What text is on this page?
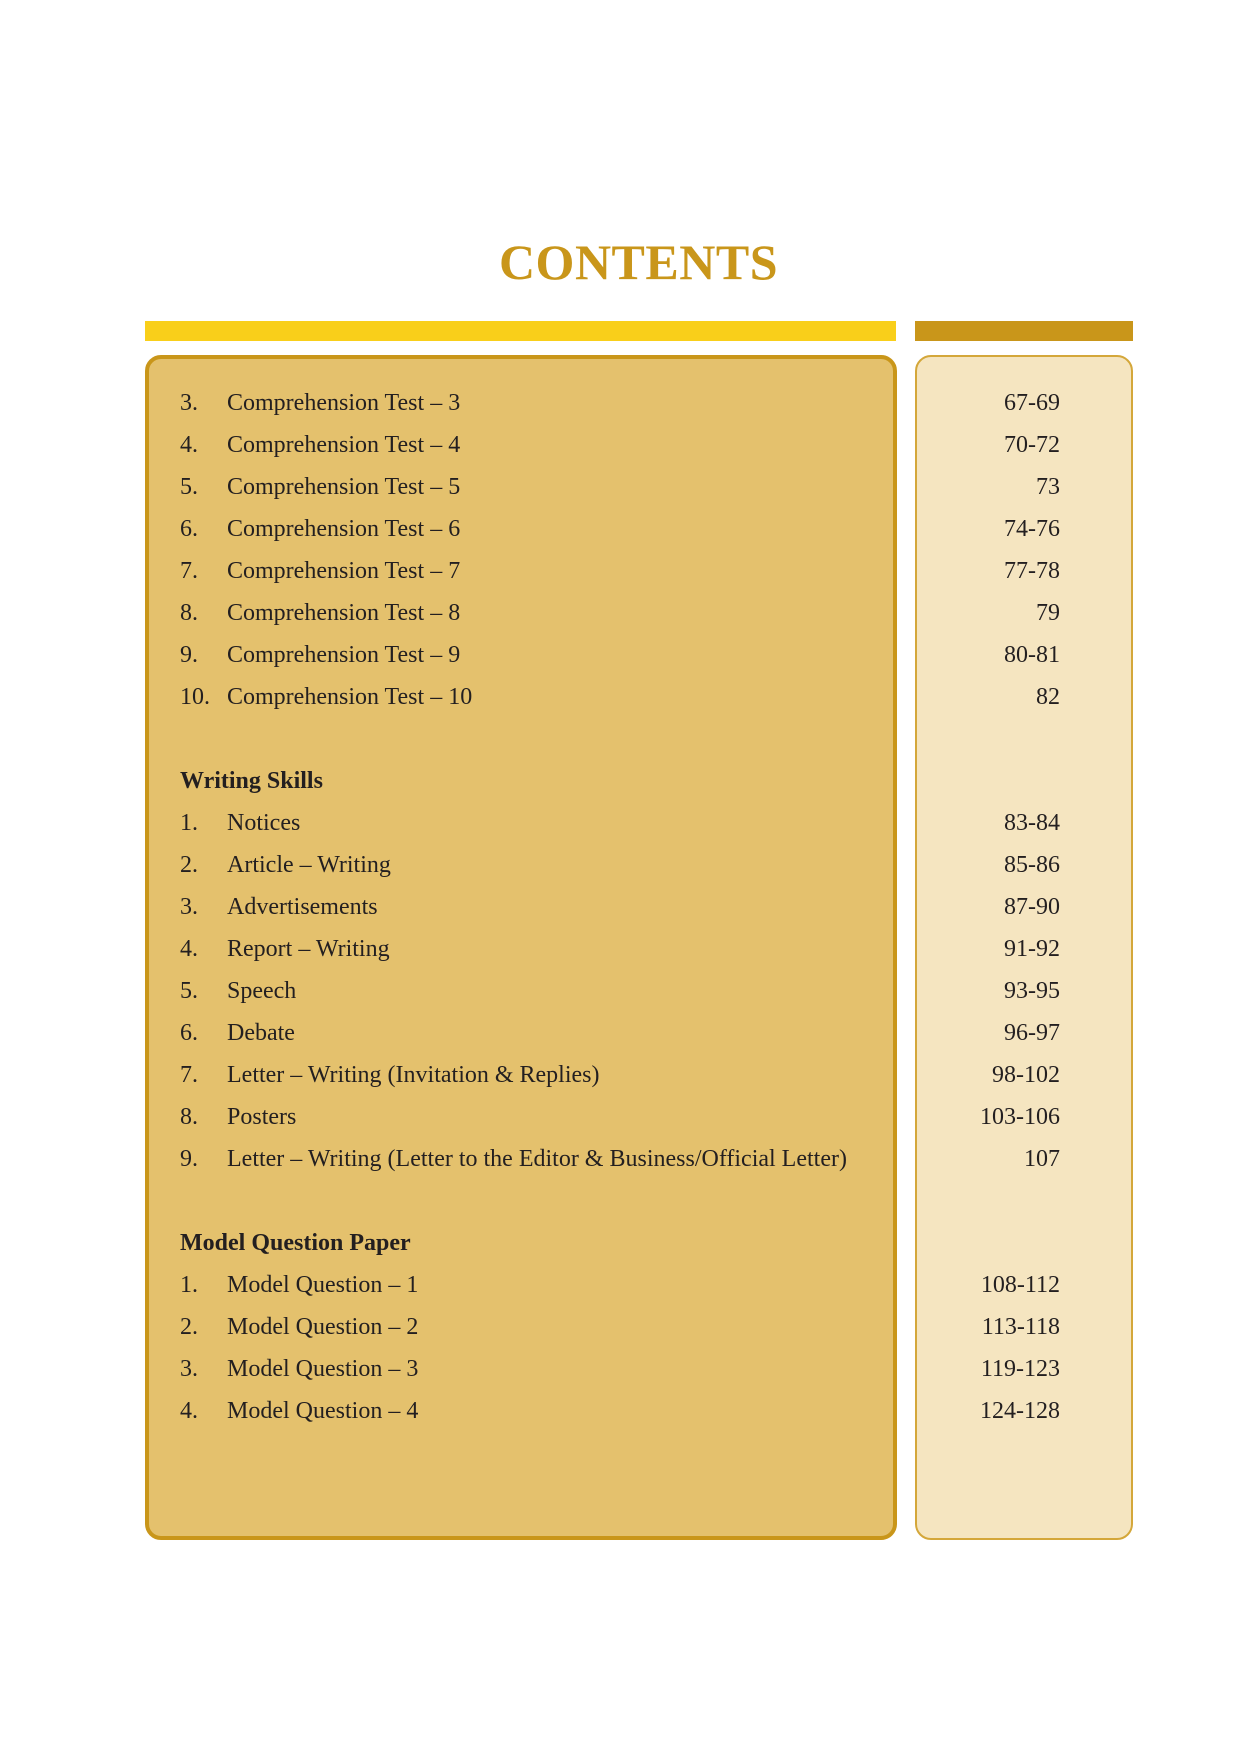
CONTENTS
3. Comprehension Test – 3	67-69
4. Comprehension Test – 4	70-72
5. Comprehension Test – 5	73
6. Comprehension Test – 6	74-76
7. Comprehension Test – 7	77-78
8. Comprehension Test – 8	79
9. Comprehension Test – 9	80-81
10. Comprehension Test – 10	82
Writing Skills
1. Notices	83-84
2. Article – Writing	85-86
3. Advertisements	87-90
4. Report – Writing	91-92
5. Speech	93-95
6. Debate	96-97
7. Letter – Writing (Invitation & Replies)	98-102
8. Posters	103-106
9. Letter – Writing (Letter to the Editor & Business/Official Letter)	107
Model Question Paper
1. Model Question – 1	108-112
2. Model Question – 2	113-118
3. Model Question – 3	119-123
4. Model Question – 4	124-128
